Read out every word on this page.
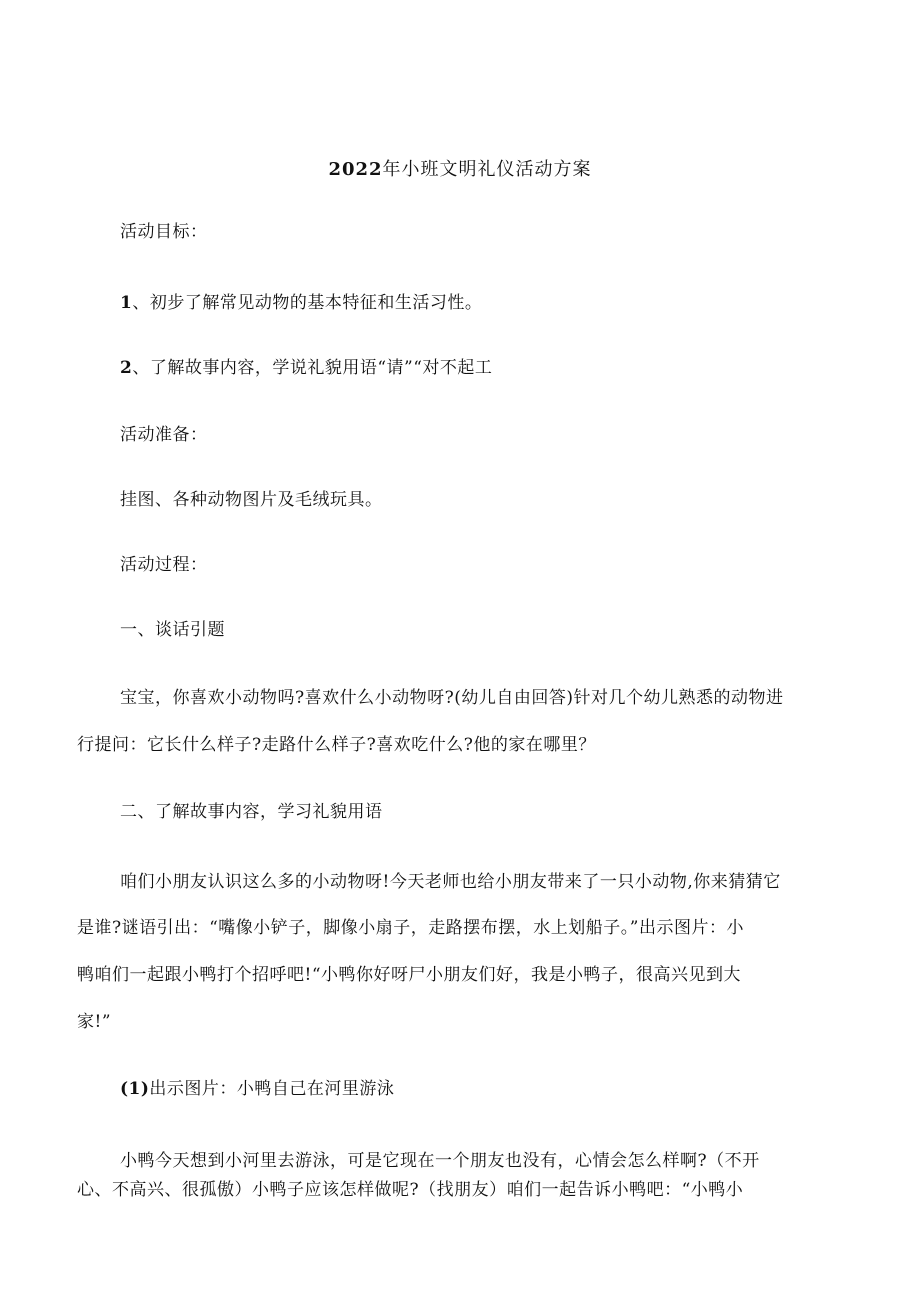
2022年小班文明礼仪活动方案
活动目标：
1、初步了解常见动物的基本特征和生活习性。
2、了解故事内容，学说礼貌用语“请”“对不起工
活动准备：
挂图、各种动物图片及毛绒玩具。
活动过程：
一、谈话引题
宝宝，你喜欢小动物吗?喜欢什么小动物呀?(幼儿自由回答)针对几个幼儿熟悉的动物进
行提问：它长什么样子?走路什么样子?喜欢吃什么?他的家在哪里？
二、了解故事内容，学习礼貌用语
咱们小朋友认识这么多的小动物呀!今天老师也给小朋友带来了一只小动物,你来猜猜它
是谁?谜语引出：“嘴像小铲子，脚像小扇子，走路摆布摆，水上划船子。”出示图片：小
鸭咱们一起跟小鸭打个招呼吧!“小鸭你好呀尸小朋友们好，我是小鸭子，很高兴见到大
家!”
(1)出示图片：小鸭自己在河里游泳
小鸭今天想到小河里去游泳，可是它现在一个朋友也没有，心情会怎么样啊?（不开
心、不高兴、很孤傲）小鸭子应该怎样做呢?（找朋友）咱们一起告诉小鸭吧：“小鸭小
